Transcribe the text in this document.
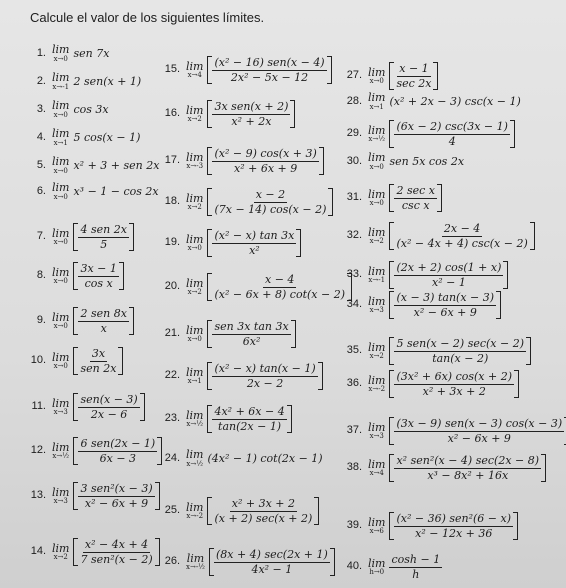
Calcule el valor de los siguientes límites.
1. lim
x→0 sen 7x
2. lim
x→-1 2 sen(x + 1)
3. lim
x→0 cos 3x
4. lim
x→1 5 cos(x − 1)
5. lim
x→0 x² + 3 + sen 2x
6. lim
x→0 x³ − 1 − cos 2x
7. lim
$x\to 0 \frac{\text{4 sen 2x}}{5}$
8. lim
$x\to 0 \frac{3x - 1}{\text{cos x}}$
9. lim
$x\to 0 \frac{\text{2 sen 8x}}{x}$
10. lim
$x\to 0 \frac{3x}{\text{sen 2x}}$
11. lim
$x\to 3 \frac{\text{sen(x − 3)}}{2x - 6}$
12. lim
x→½ $\frac{\text{6 sen(2x − 1)}}{6x - 3}$
13. lim
$x\to 3 \frac{\text{3 sen²(x − 3)}}{\text{x² − 6x + 9}}$
14. lim
$x\to 2 \frac{\text{x² − 4x + 4}}{\text{7 sen²(x − 2)}}$
15. lim
$x\to 4 \frac{\text{(x² − 16) sen(x − 4)}}{\text{2x² − 5x − 12}}$
16. lim
$x\to 2 \frac{\text{3x sen(x + 2)}}{\text{x² + 2x}}$
17. lim
$x\to-3 \frac{\text{(x² − 9) cos(x + 3)}}{\text{x² + 6x + 9}}$
18. lim
$x\to 2 \frac{x - 2}{(7x - 14) \cos(x - 2)}$
19. lim
$x\to 0 \frac{\text{(x² − x) tan 3x}}{\text{x²}}$
20. lim
$x\to 2 \frac{x - 4}{\text{(x² − 6x + 8) cot(x − 2)}}$
21. lim
$x\to 0 \frac{\text{sen 3x tan 3x}}{\text{6x²}}$
22. lim
$x\to 1 \frac{\text{(x² − x) tan(x − 1)}}{2x - 2}$
23. lim
x→½ $\frac{\text{4x² + 6x − 4}}{\tan(2x - 1)}$
24. lim
x→½ (4x² − 1) cot(2x − 1)
25. lim
$x\to-2 \frac{\text{x² + 3x + 2}}{(x + 2) \sec(x + 2)}$
26. lim
x→-½ $\frac{(8x + 4) \sec(2x + 1)}{\text{4x² − 1}}$
27. lim
$x\to 0 \frac{x - 1}{\sec 2x}$
28. lim
x→1 (x² + 2x − 3) csc(x − 1)
29. lim
x→½ $\frac{(6x - 2) \csc(3x - 1)}{4}$
30. lim
x→0 sen 5x cos 2x
31. lim
$x\to 0 \frac{\text{2 sec x}}{\text{csc x}}$
32. lim
$x\to 2 \frac{2x - 4}{\text{(x² − 4x + 4) csc(x − 2)}}$
33. lim
$x\to-1 \frac{(2x + 2) \cos(1 + x)}{\text{x² − 1}}$
34. lim
$x\to 3 \frac{(x - 3) \tan(x - 3)}{\text{x² − 6x + 9}}$
35. lim
$x\to 2 \frac{\text{5 sen(x − 2) sec(x − 2)}}{\tan(x - 2)}$
36. lim
$x\to-2 \frac{\text{(3x² + 6x) cos(x + 2)}}{\text{x² + 3x + 2}}$
37. lim
$x\to 3 \frac{\text{(3x − 9) sen(x − 3) cos(x − 3)}}{\text{x² − 6x + 9}}$
38. lim
$x\to 4 \frac{\text{x² sen²(x − 4) sec(2x − 8)}}{\text{x³ − 8x² + 16x}}$
39. lim
$x\to 6 \frac{\text{(x² − 36) sen²(6 − x)}}{\text{x² − 12x + 36}}$
40. lim
$h\to 0 \frac{\cosh - 1}{h}$
